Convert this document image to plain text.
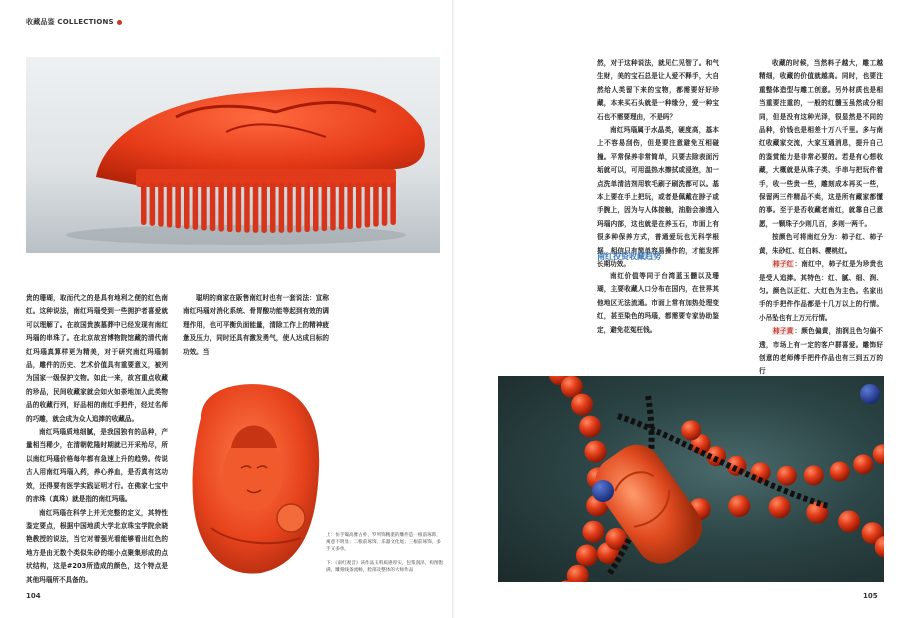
收藏品鉴 COLLECTIONS

贵的珊瑚，取而代之的是具有地利之便的红色南红。这种说法，南红玛瑙受到一些拥护者喜爱就可以理解了。在故国贵族墓葬中已经发现有南红玛瑙的串珠了。在北京故宫博物院馆藏的清代南红玛瑙真算样更为精美，对于研究南红玛瑙制品，雕件的历史、艺术价值具有重要意义，被列为国家一级保护文物。如此一来，故宫重点收藏的珍品，民间收藏家就会如火如荼地加入此类物品的收藏行列，好品相的南红手把件，经过名师的巧雕，就会成为众人追捧的收藏品。

南红玛瑙质地细腻，是我国独有的品种，产量相当稀少，在清朝乾隆时期就已开采殆尽，所以南红玛瑙价格每年都有急速上升的趋势。传说古人用南红玛瑙入药，养心养血，是否真有这功效，还得要有医学实践证明才行。在佛家七宝中的赤珠（真珠）就是指的南红玛瑙。

南红玛瑙在科学上并无完整的定义，其特性鉴定要点，根据中国地质大学北京珠宝学院余晓艳教授的说法，当它对着强光看能够看出红色的地方是由无数个类似朱砂的细小点聚集形成的点状结构，这是#203所造成的颜色，这个特点是其他玛瑙所不具备的。

聪明的商家在販售南红时也有一套说法：宣称南红玛瑙对消化系统、骨胃酸功能等起到有效的调理作用，也可平衡负面能量，清除工作上的精神疲惫及压力，同时还具有激发勇气，使人达成目标的功效。当

上：仿手镯高雅古朴，罗列饰精湛的雕件造一根前琢饰，寓意不明显；二根前琢饰，乐器文化尾；三根前琢饰，多手又多单。

下：《南红观音》该作品玉料质感厚实，包浆润泽，构图饱满，雕刻线条流畅，脸部及整体的大师作品

104	105

然，对于这种说法，就见仁见智了。和气生财，美的宝石总是让人爱不释手，大自然给人类留下来的宝物，都需要好好珍藏，本来买石头就是一种缘分，爱一种宝石也不需要理由，不是吗？

南红玛瑙属于水晶类，硬度高，基本上不容易刮伤，但是要注意避免互相碰撞。平常保养非常简单，只要去除表面污垢就可以，可用温热水擦拭或浸泡，加一点洗单清洁剂用软毛刷子刷洗都可以。基本上要在手上把玩，或者是佩戴在脖子或手腕上，因为与人体接触，油脂会渗透入玛瑙内部，这也就是在养玉石，市面上有很多种保养方式，普通爱玩也无科学根据，相信只有简单容易操作的，才能发挥长期功效。

南红投资收藏趋势

南红价值等同于台湾蓝玉髓以及珊瑚，主要收藏人口分布在国内，在世界其他地区无法流通。市面上常有加热处理变红，甚至染色的玛瑙，都需要专家协助鉴定，避免花冤枉钱。

收藏的时候，当然料子越大，雕工越精细，收藏的价值就越高。同时，也要注重整体造型与雕工创意。另外材质也是相当重要注重的，一般的红髓玉虽然成分相同，但是没有这种光泽，很显然是不同的品种，价钱也是相差十万八千里。多与南红收藏家交流，大家互通消息，提升自己的鉴赏能力是非常必要的。若是有心想收藏，大概就是从珠子类、手串与把玩件着手，收一些贵一些，雕刻成本再买一些，保留两三件精品不卖，这是所有藏家都懂的事。至于是否收藏老南红，就靠自己意愿，一颗珠子少则几百，多则一两千。

按颜色可将南红分为：柿子红、柿子黄，朱砂红、红白料、樱桃红。

柿子红：南红中，柿子红是为珍贵也是受人追捧。其特色：红、腻、细、润、匀。颜色以正红、大红色为主色。名家出手的手把件作品都是十几万以上的行情。小吊坠也有上万元行情。

柿子黄：颜色偏黄，油润且色匀偏不透，市场上有一定的客户群喜爱。雕饰好创意的老师傅手把件作品也有三到五万的行
